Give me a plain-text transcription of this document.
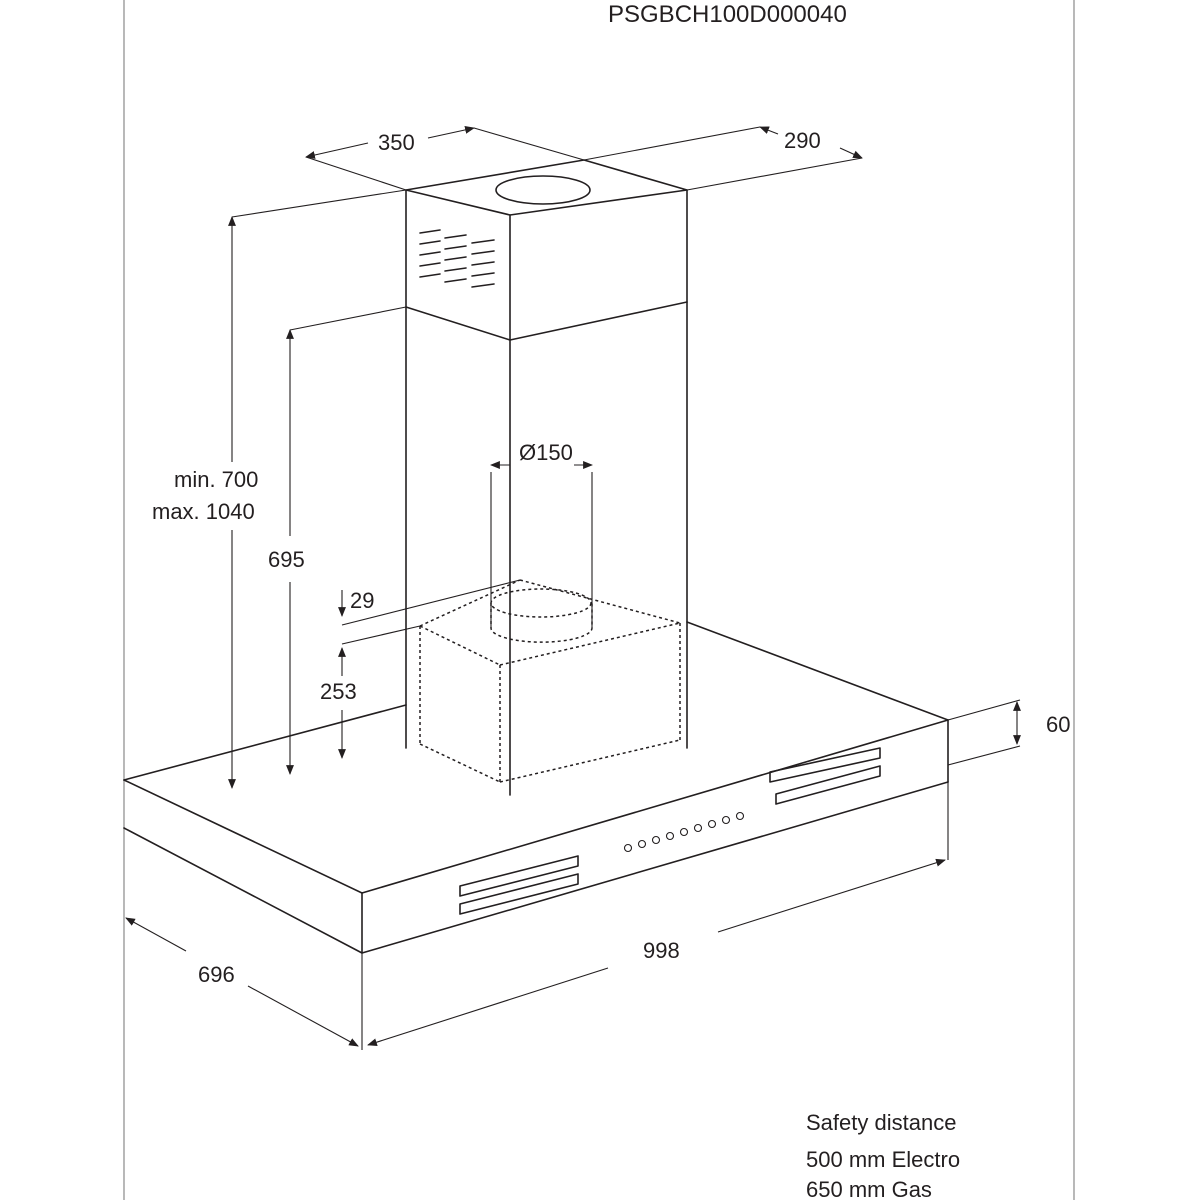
PSGBCH100D000040
350	290
min. 700
max. 1040
695
29
253
Ø150
60
998
696
Safety distance
500 mm Electro
650 mm Gas
